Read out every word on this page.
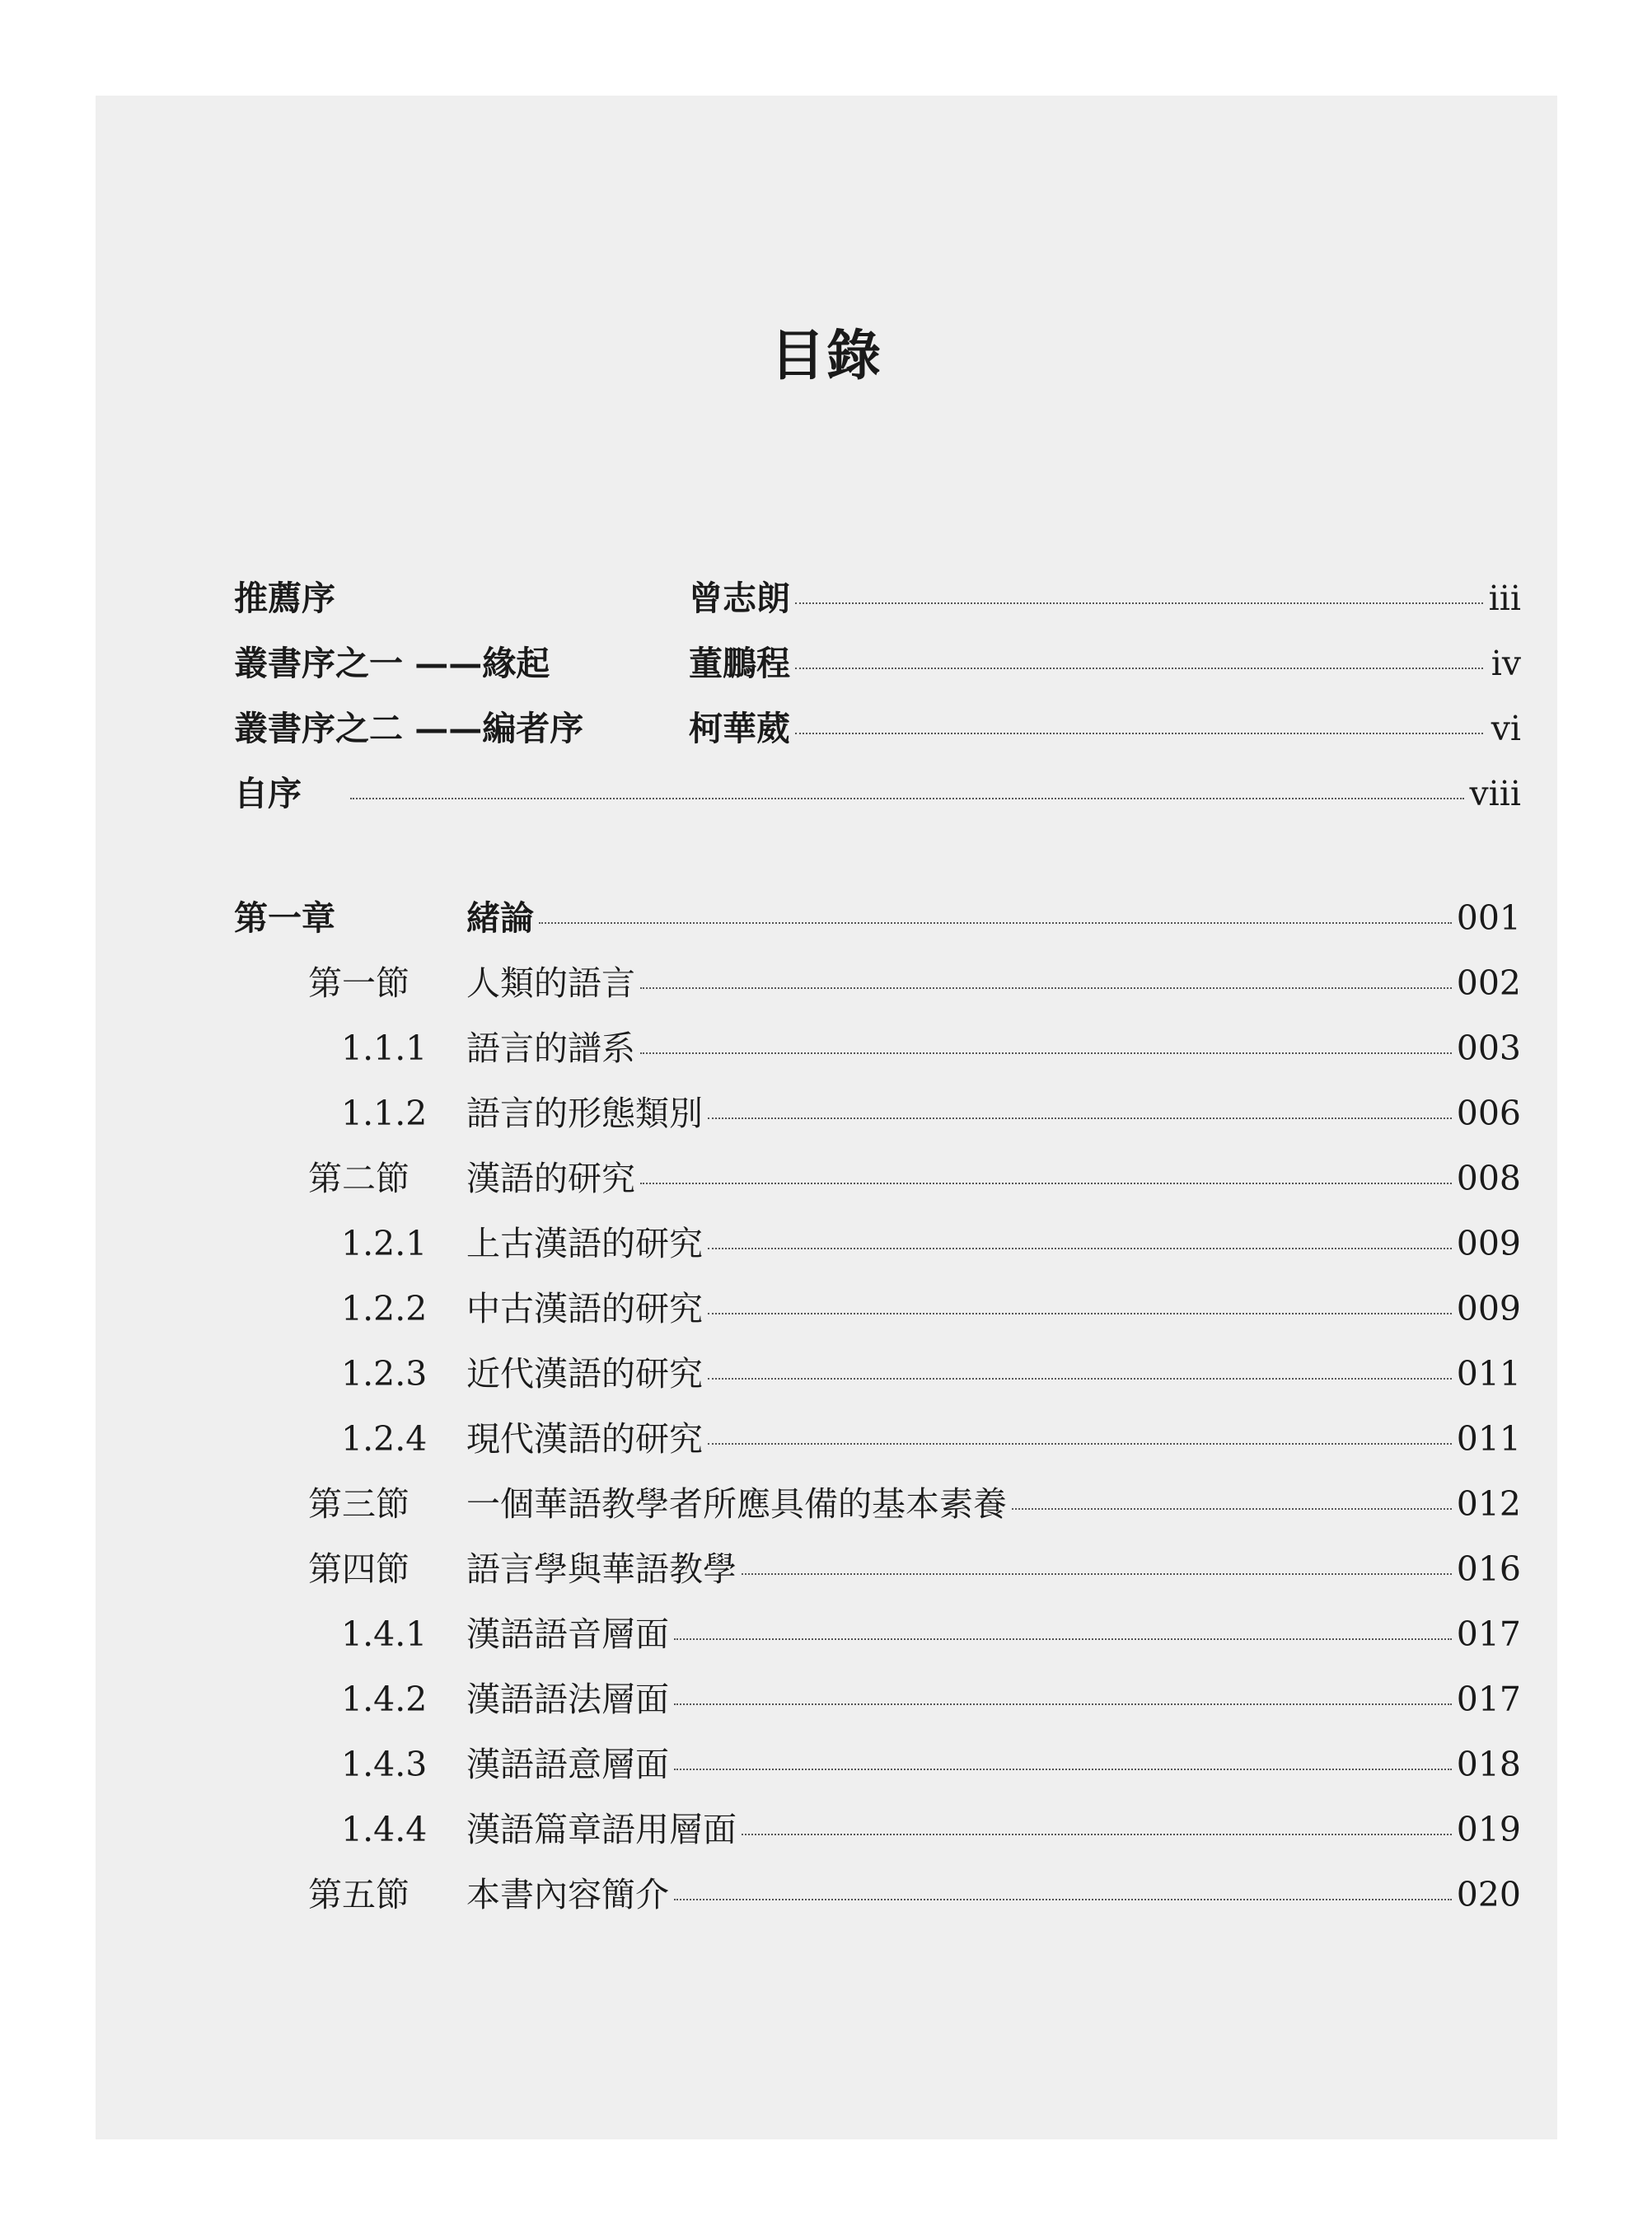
目錄
推薦序	曾志朗	iii
叢書序之一 ——緣起	董鵬程	iv
叢書序之二 ——編者序	柯華葳	vi
自序	viii
第一章	緒論	001
第一節	人類的語言	002
1.1.1	語言的譜系	003
1.1.2	語言的形態類別	006
第二節	漢語的研究	008
1.2.1	上古漢語的研究	009
1.2.2	中古漢語的研究	009
1.2.3	近代漢語的研究	011
1.2.4	現代漢語的研究	011
第三節	一個華語教學者所應具備的基本素養	012
第四節	語言學與華語教學	016
1.4.1	漢語語音層面	017
1.4.2	漢語語法層面	017
1.4.3	漢語語意層面	018
1.4.4	漢語篇章語用層面	019
第五節	本書內容簡介	020
